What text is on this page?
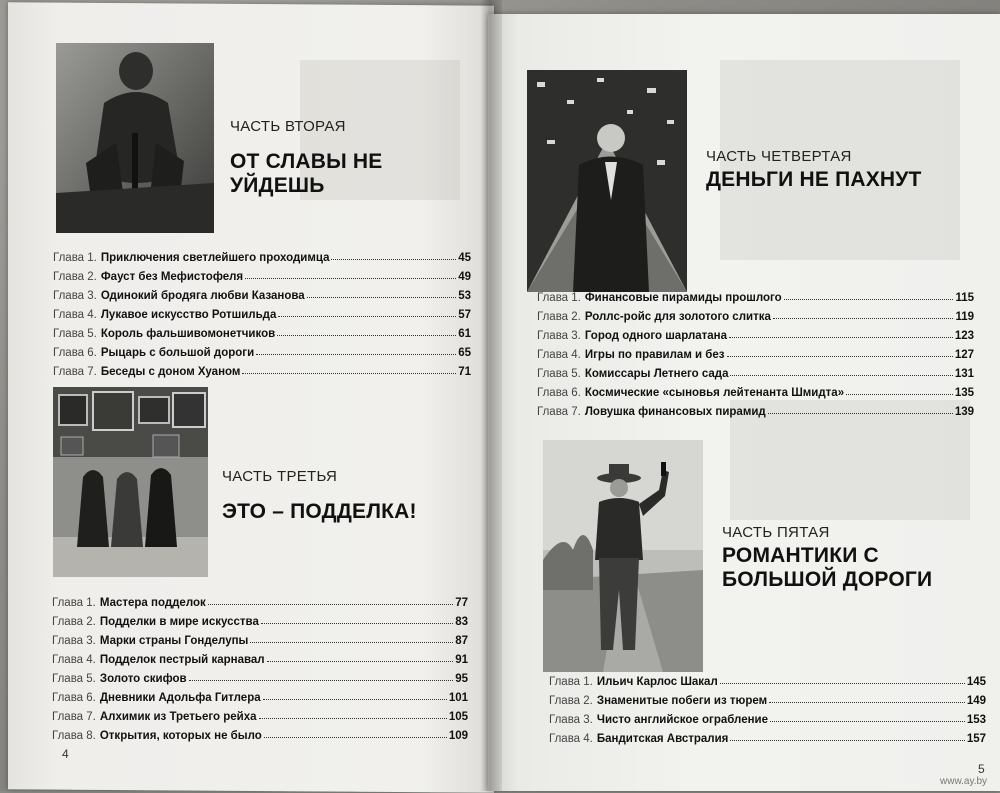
ЧАСТЬ ВТОРАЯ
ОТ СЛАВЫ НЕ УЙДЕШЬ
Глава 1. Приключения светлейшего проходимца	45
Глава 2. Фауст без Мефистофеля	49
Глава 3. Одинокий бродяга любви Казанова	53
Глава 4. Лукавое искусство Ротшильда	57
Глава 5. Король фальшивомонетчиков	61
Глава 6. Рыцарь с большой дороги	65
Глава 7. Беседы с доном Хуаном	71
ЧАСТЬ ТРЕТЬЯ
ЭТО – ПОДДЕЛКА!
Глава 1. Мастера подделок	77
Глава 2. Подделки в мире искусства	83
Глава 3. Марки страны Гонделупы	87
Глава 4. Подделок пестрый карнавал	91
Глава 5. Золото скифов	95
Глава 6. Дневники Адольфа Гитлера	101
Глава 7. Алхимик из Третьего рейха	105
Глава 8. Открытия, которых не было	109
4
ЧАСТЬ ЧЕТВЕРТАЯ
ДЕНЬГИ НЕ ПАХНУТ
Глава 1. Финансовые пирамиды прошлого	115
Глава 2. Роллс-ройс для золотого слитка	119
Глава 3. Город одного шарлатана	123
Глава 4. Игры по правилам и без	127
Глава 5. Комиссары Летнего сада	131
Глава 6. Космические «сыновья лейтенанта Шмидта»	135
Глава 7. Ловушка финансовых пирамид	139
ЧАСТЬ ПЯТАЯ
РОМАНТИКИ С БОЛЬШОЙ ДОРОГИ
Глава 1. Ильич Карлос Шакал	145
Глава 2. Знаменитые побеги из тюрем	149
Глава 3. Чисто английское ограбление	153
Глава 4. Бандитская Австралия	157
5
www.ay.by
